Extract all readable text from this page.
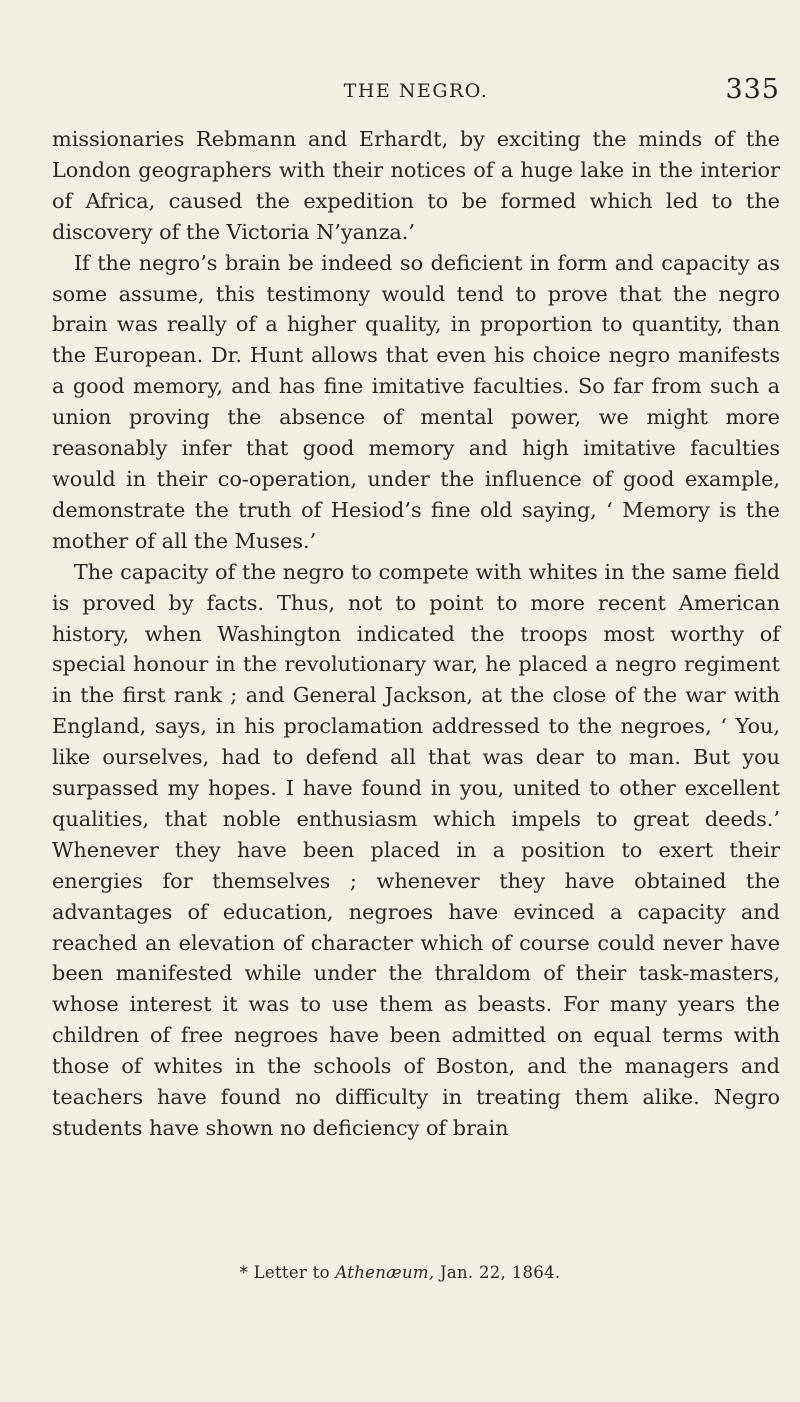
THE NEGRO.	335

missionaries Rebmann and Erhardt, by exciting the minds of the London geographers with their notices of a huge lake in the interior of Africa, caused the expedition to be formed which led to the discovery of the Victoria N’yanza.’

If the negro’s brain be indeed so deficient in form and capacity as some assume, this testimony would tend to prove that the negro brain was really of a higher quality, in proportion to quantity, than the European. Dr. Hunt allows that even his choice negro manifests a good memory, and has fine imitative faculties. So far from such a union proving the absence of mental power, we might more reasonably infer that good memory and high imitative faculties would in their co-operation, under the influence of good example, demonstrate the truth of Hesiod’s fine old saying, ‘ Memory is the mother of all the Muses.’

The capacity of the negro to compete with whites in the same field is proved by facts. Thus, not to point to more recent American history, when Washington indicated the troops most worthy of special honour in the revolutionary war, he placed a negro regiment in the first rank ; and General Jackson, at the close of the war with England, says, in his proclamation addressed to the negroes, ‘ You, like ourselves, had to defend all that was dear to man. But you surpassed my hopes. I have found in you, united to other excellent qualities, that noble enthusiasm which impels to great deeds.’ Whenever they have been placed in a position to exert their energies for themselves ; whenever they have obtained the advantages of education, negroes have evinced a capacity and reached an elevation of character which of course could never have been manifested while under the thraldom of their task-masters, whose interest it was to use them as beasts. For many years the children of free negroes have been admitted on equal terms with those of whites in the schools of Boston, and the managers and teachers have found no difficulty in treating them alike. Negro students have shown no deficiency of brain

* Letter to Athenæum, Jan. 22, 1864.
